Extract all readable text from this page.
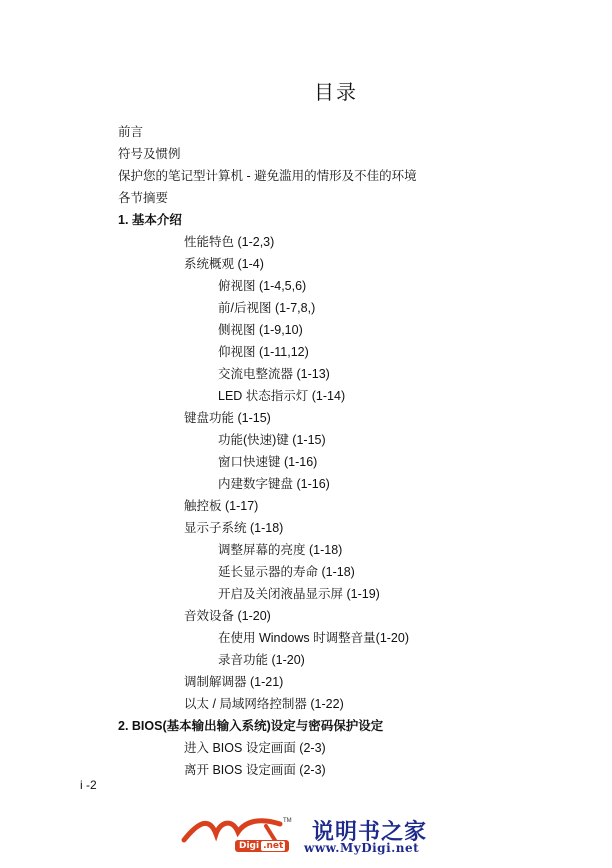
目录
前言
符号及惯例
保护您的笔记型计算机 - 避免滥用的情形及不佳的环境
各节摘要
1. 基本介绍
性能特色 (1-2,3)
系统概观 (1-4)
俯视图 (1-4,5,6)
前/后视图 (1-7,8,)
侧视图 (1-9,10)
仰视图 (1-11,12)
交流电整流器 (1-13)
LED 状态指示灯 (1-14)
键盘功能 (1-15)
功能(快速)键 (1-15)
窗口快速键 (1-16)
内建数字键盘 (1-16)
触控板 (1-17)
显示子系统 (1-18)
调整屏幕的亮度 (1-18)
延长显示器的寿命 (1-18)
开启及关闭液晶显示屏 (1-19)
音效设备 (1-20)
在使用 Windows 时调整音量(1-20)
录音功能 (1-20)
调制解调器 (1-21)
以太 / 局域网络控制器 (1-22)
2. BIOS(基本输出输入系统)设定与密码保护设定
进入 BIOS 设定画面 (2-3)
离开 BIOS 设定画面 (2-3)
i -2
TM
Digi .net
说明书之家
www.MyDigi.net
